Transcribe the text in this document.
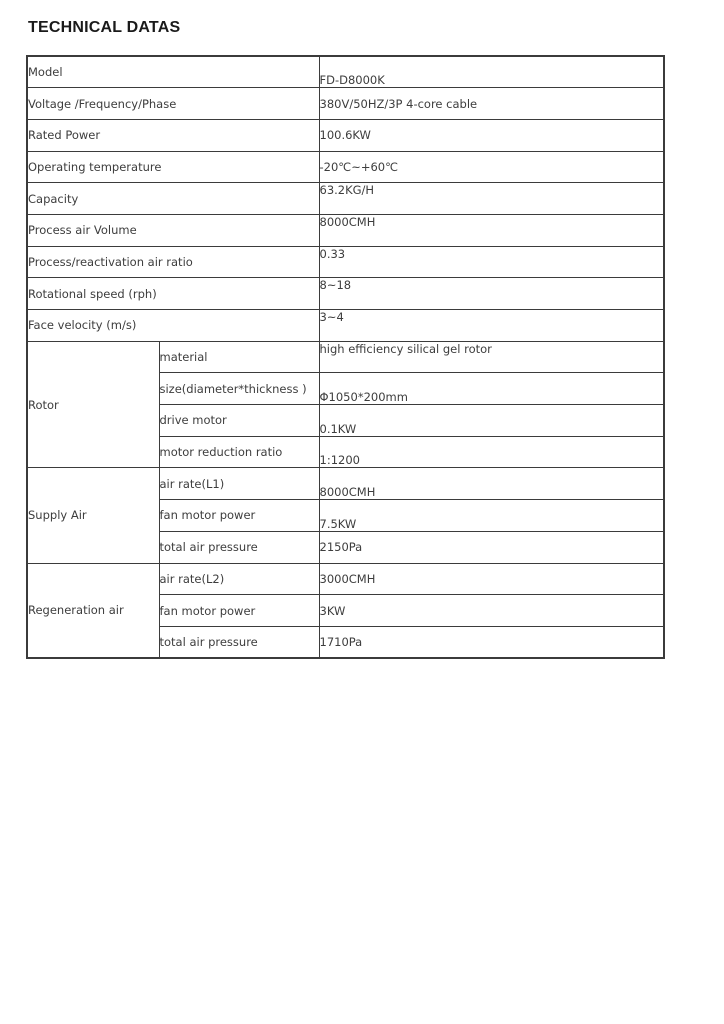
TECHNICAL DATAS
Model		FD-D8000K
Voltage /Frequency/Phase		380V/50HZ/3P 4-core cable
Rated Power		100.6KW
Operating temperature		-20℃~+60℃
Capacity		63.2KG/H
Process air Volume		8000CMH
Process/reactivation air ratio		0.33
Rotational speed (rph)		8~18
Face velocity (m/s)		3~4
Rotor	material	high efficiency silical gel rotor
	size(diameter*thickness )	Φ1050*200mm
	drive motor	0.1KW
	motor reduction ratio	1:1200
Supply Air	air rate(L1)	8000CMH
	fan motor power	7.5KW
	total air pressure	2150Pa
Regeneration air	air rate(L2)	3000CMH
	fan motor power	3KW
	total air pressure	1710Pa
